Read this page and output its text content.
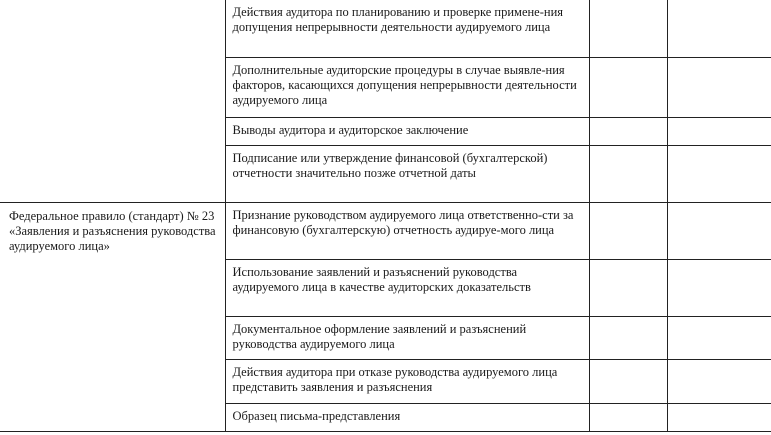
	Действия аудитора по планированию и проверке примене-ния допущения непрерывности деятельности аудируемого лица		
	Дополнительные аудиторские процедуры в случае выявле-ния факторов, касающихся допущения непрерывности деятельности аудируемого лица		
	Выводы аудитора и аудиторское заключение		
	Подписание или утверждение финансовой (бухгалтерской) отчетности значительно позже отчетной даты		
Федеральное правило (стандарт) № 23 «Заявления и разъяснения руководства аудируемого лица»	Признание руководством аудируемого лица ответственно-сти за финансовую (бухгалтерскую) отчетность аудируе-мого лица		
	Использование заявлений и разъяснений руководства аудируемого лица в качестве аудиторских доказательств		
	Документальное оформление заявлений и разъяснений руководства аудируемого лица		
	Действия аудитора при отказе руководства аудируемого лица представить заявления и разъяснения		
	Образец письма-представления		
